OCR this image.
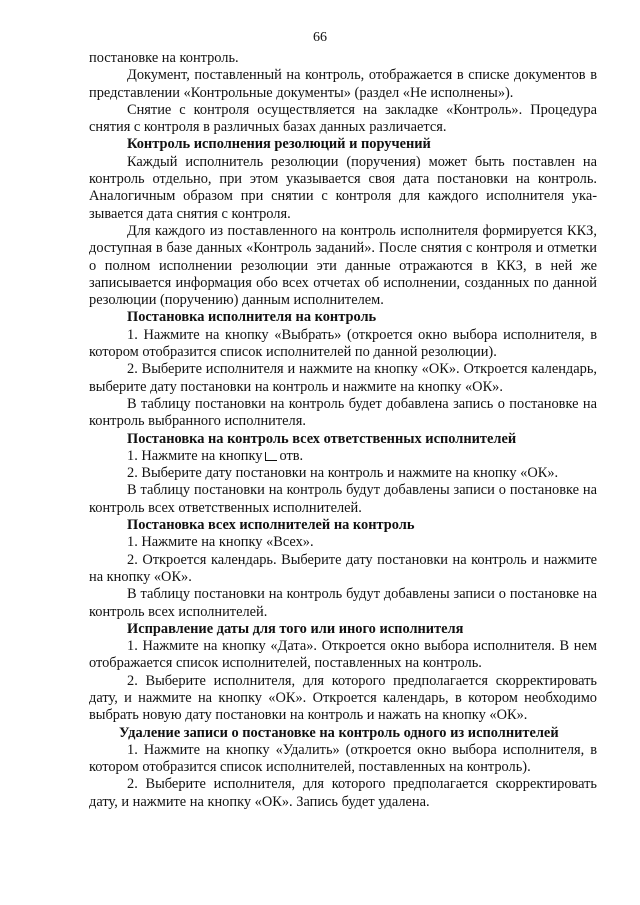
66

постановке на контроль.

Документ, поставленный на контроль, отображается в списке документов в представлении «Контрольные документы» (раздел «Не исполнены»).

Снятие с контроля осуществляется на закладке «Контроль». Процедура снятия с контроля в различных базах данных различается.

Контроль исполнения резолюций и поручений

Каждый исполнитель резолюции (поручения) может быть поставлен на контроль отдельно, при этом указывается своя дата постановки на контроль. Аналогичным образом при снятии с контроля для каждого исполнителя указывается дата снятия с контроля.

Для каждого из поставленного на контроль исполнителя формируется ККЗ, доступная в базе данных «Контроль заданий». После снятия с контроля и отметки о полном исполнении резолюции эти данные отражаются в ККЗ, в ней же записывается информация обо всех отчетах об исполнении, созданных по данной резолюции (поручению) данным исполнителем.

Постановка исполнителя на контроль

1. Нажмите на кнопку «Выбрать» (откроется окно выбора исполнителя, в котором отобразится список исполнителей по данной резолюции).

2. Выберите исполнителя и нажмите на кнопку «ОК». Откроется календарь, выберите дату постановки на контроль и нажмите на кнопку «ОК».

В таблицу постановки на контроль будет добавлена запись о постановке на контроль выбранного исполнителя.

Постановка на контроль всех ответственных исполнителей

1. Нажмите на кнопку отв.

2. Выберите дату постановки на контроль и нажмите на кнопку «ОК».

В таблицу постановки на контроль будут добавлены записи о постановке на контроль всех ответственных исполнителей.

Постановка всех исполнителей на контроль

1. Нажмите на кнопку «Всех».

2. Откроется календарь. Выберите дату постановки на контроль и нажмите на кнопку «ОК».

В таблицу постановки на контроль будут добавлены записи о постановке на контроль всех исполнителей.

Исправление даты для того или иного исполнителя

1. Нажмите на кнопку «Дата». Откроется окно выбора исполнителя. В нем отображается список исполнителей, поставленных на контроль.

2. Выберите исполнителя, для которого предполагается скорректировать дату, и нажмите на кнопку «ОК». Откроется календарь, в котором необходимо выбрать новую дату постановки на контроль и нажать на кнопку «ОК».

Удаление записи о постановке на контроль одного из исполнителей

1. Нажмите на кнопку «Удалить» (откроется окно выбора исполнителя, в котором отобразится список исполнителей, поставленных на контроль).

2. Выберите исполнителя, для которого предполагается скорректировать дату, и нажмите на кнопку «ОК». Запись будет удалена.
